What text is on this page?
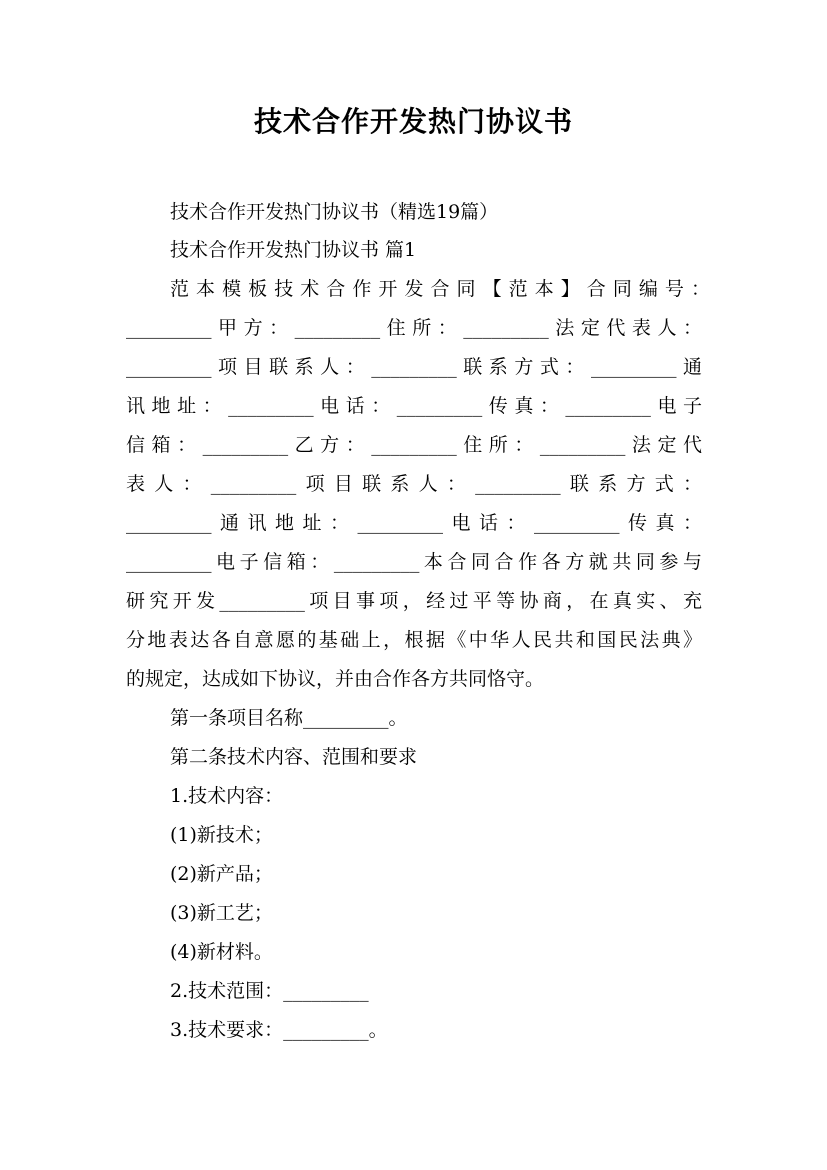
技术合作开发热门协议书
技术合作开发热门协议书（精选19篇）
技术合作开发热门协议书 篇1
范本模板技术合作开发合同【范本】合同编号：
_________甲方：_________住所：_________法定代表人：
_________项目联系人：_________联系方式：_________通
讯地址：_________电话：_________传真：_________电子
信箱：_________乙方：_________住所：_________法定代
表人：_________项目联系人：_________联系方式：
_________通讯地址：_________电话：_________传真：
_________电子信箱：_________本合同合作各方就共同参与
研究开发_________项目事项，经过平等协商，在真实、充
分地表达各自意愿的基础上，根据《中华人民共和国民法典》
的规定，达成如下协议，并由合作各方共同恪守。
第一条项目名称_________。
第二条技术内容、范围和要求
1.技术内容：
(1)新技术；
(2)新产品；
(3)新工艺；
(4)新材料。
2.技术范围：_________
3.技术要求：_________。
